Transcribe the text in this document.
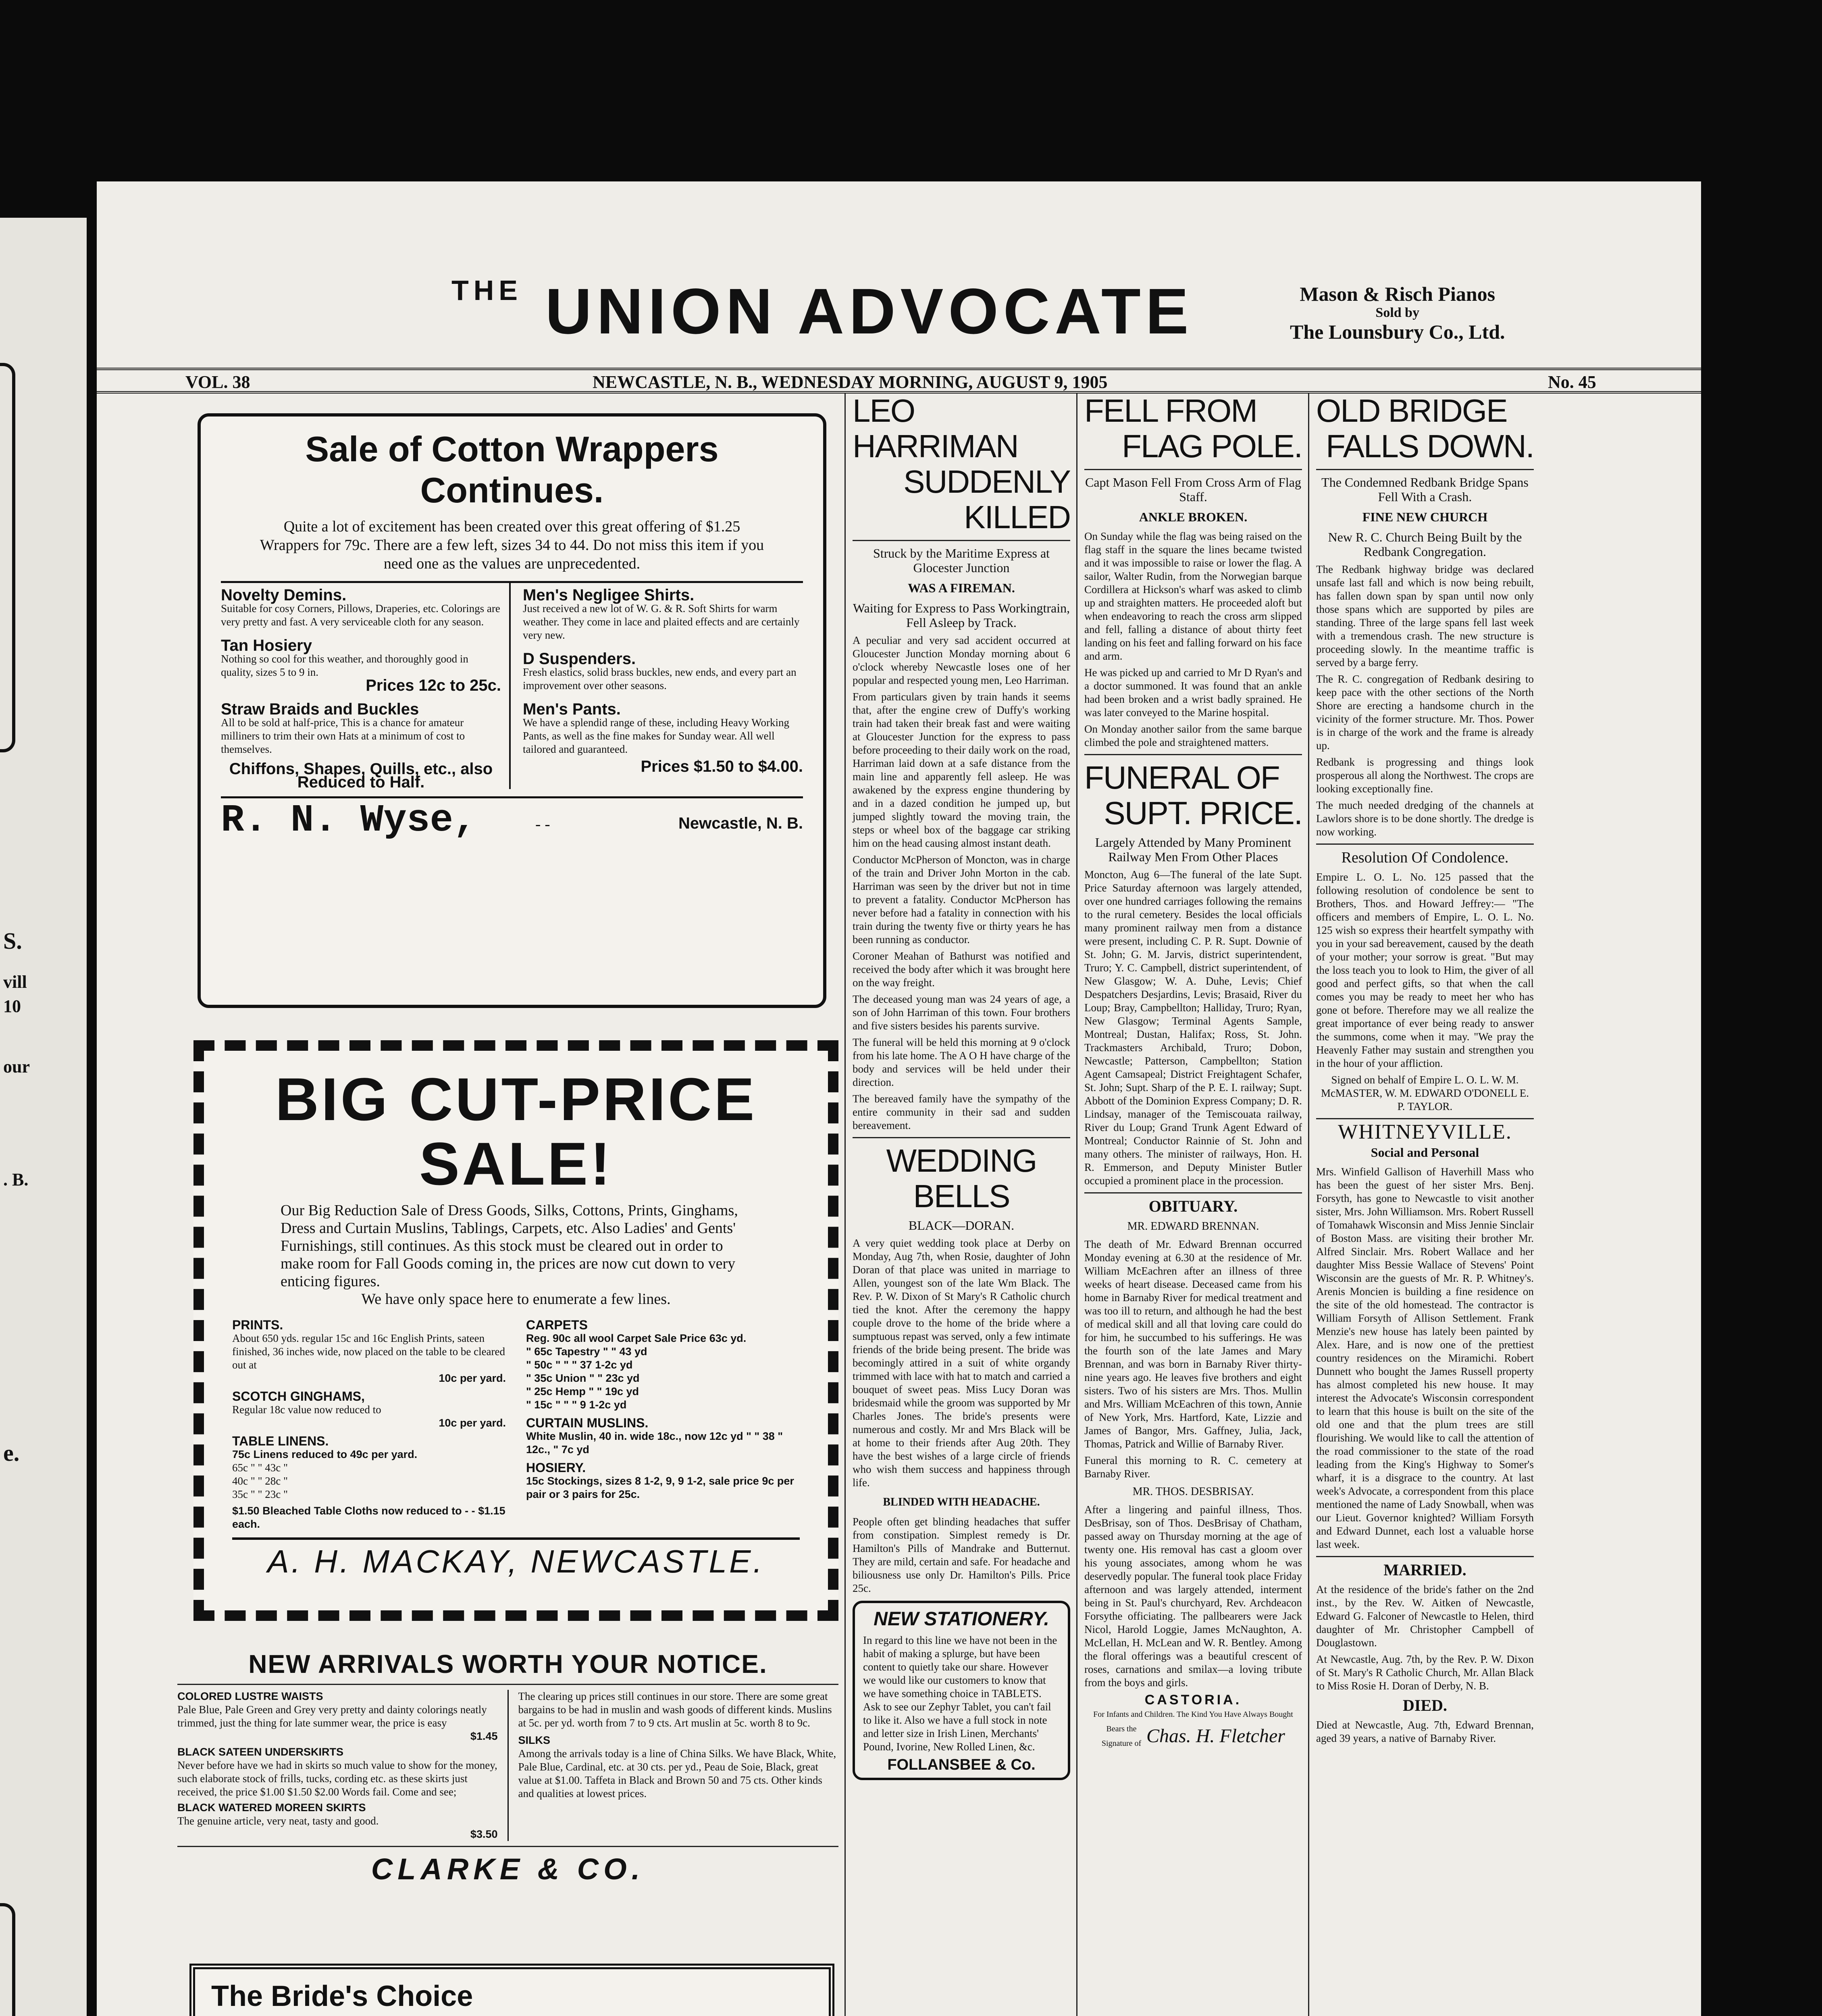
S.
vill
10
our
. B.
e.
$^{THE}$ UNION ADVOCATE	Mason & Risch Pianos
Sold by
The Lounsbury Co., Ltd.
VOL. 38	NEWCASTLE, N. B., WEDNESDAY MORNING, AUGUST 9, 1905	No. 45
Sale of Cotton Wrappers Continues.
Quite a lot of excitement has been created over this great offering of $1.25 Wrappers for 79c. There are a few left, sizes 34 to 44. Do not miss this item if you need one as the values are unprecedented.
Novelty Demins.
Suitable for cosy Corners, Pillows, Draperies, etc. Colorings are very pretty and fast. A very serviceable cloth for any season.
Tan Hosiery
Nothing so cool for this weather, and thoroughly good in quality, sizes 5 to 9 in.
Prices 12c to 25c.
Straw Braids and Buckles
All to be sold at half-price, This is a chance for amateur milliners to trim their own Hats at a minimum of cost to themselves.
Chiffons, Shapes, Quills, etc., also Reduced to Half.
Men's Negligee Shirts.
Just received a new lot of W. G. & R. Soft Shirts for warm weather. They come in lace and plaited effects and are certainly very new.
D Suspenders.
Fresh elastics, solid brass buckles, new ends, and every part an improvement over other seasons.
Men's Pants.
We have a splendid range of these, including Heavy Working Pants, as well as the fine makes for Sunday wear. All well tailored and guaranteed.
Prices $1.50 to $4.00.
R. N. Wyse,	- -	Newcastle, N. B.
BIG CUT-PRICE SALE!
Our Big Reduction Sale of Dress Goods, Silks, Cottons, Prints, Ginghams, Dress and Curtain Muslins, Tablings, Carpets, etc. Also Ladies' and Gents' Furnishings, still continues. As this stock must be cleared out in order to make room for Fall Goods coming in, the prices are now cut down to very enticing figures.
We have only space here to enumerate a few lines.
PRINTS.
About 650 yds. regular 15c and 16c English Prints, sateen finished, 36 inches wide, now placed on the table to be cleared out at
10c per yard.
SCOTCH GINGHAMS,
Regular 18c value now reduced to
10c per yard.
TABLE LINENS.
75c Linens reduced to 49c per yard.
65c " " 43c "
40c " " 28c "
35c " " 23c "
$1.50 Bleached Table Cloths now reduced to - - $1.15 each.
CARPETS
Reg. 90c all wool Carpet Sale Price 63c yd.
" 65c Tapestry " " 43 yd
" 50c " " " 37 1-2c yd
" 35c Union " " 23c yd
" 25c Hemp " " 19c yd
" 15c " " " 9 1-2c yd
CURTAIN MUSLINS.
White Muslin, 40 in. wide 18c., now 12c yd " " 38 " 12c., " 7c yd
HOSIERY.
15c Stockings, sizes 8 1-2, 9, 9 1-2, sale price 9c per pair or 3 pairs for 25c.
A. H. MACKAY, NEWCASTLE.
NEW ARRIVALS WORTH YOUR NOTICE.
COLORED LUSTRE WAISTS
Pale Blue, Pale Green and Grey very pretty and dainty colorings neatly trimmed, just the thing for late summer wear, the price is easy
$1.45
BLACK SATEEN UNDERSKIRTS
Never before have we had in skirts so much value to show for the money, such elaborate stock of frills, tucks, cording etc. as these skirts just received, the price $1.00 $1.50 $2.00 Words fail. Come and see;
BLACK WATERED MOREEN SKIRTS
The genuine article, very neat, tasty and good.
$3.50
The clearing up prices still continues in our store. There are some great bargains to be had in muslin and wash goods of different kinds. Muslins at 5c. per yd. worth from 7 to 9 cts. Art muslin at 5c. worth 8 to 9c.
SILKS
Among the arrivals today is a line of China Silks. We have Black, White, Pale Blue, Cardinal, etc. at 30 cts. per yd., Peau de Soie, Black, great value at $1.00. Taffeta in Black and Brown 50 and 75 cts. Other kinds and qualities at lowest prices.
CLARKE & CO.
The Bride's Choice
LEO HARRIMAN
SUDDENLY KILLED
Struck by the Maritime Express at Glocester Junction
WAS A FIREMAN.
Waiting for Express to Pass Workingtrain, Fell Asleep by Track.

A peculiar and very sad accident occurred at Gloucester Junction Monday morning about 6 o'clock whereby Newcastle loses one of her popular and respected young men, Leo Harriman.

From particulars given by train hands it seems that, after the engine crew of Duffy's working train had taken their break fast and were waiting at Gloucester Junction for the express to pass before proceeding to their daily work on the road, Harriman laid down at a safe distance from the main line and apparently fell asleep. He was awakened by the express engine thundering by and in a dazed condition he jumped up, but jumped slightly toward the moving train, the steps or wheel box of the baggage car striking him on the head causing almost instant death.

Conductor McPherson of Moncton, was in charge of the train and Driver John Morton in the cab. Harriman was seen by the driver but not in time to prevent a fatality. Conductor McPherson has never before had a fatality in connection with his train during the twenty five or thirty years he has been running as conductor.

Coroner Meahan of Bathurst was notified and received the body after which it was brought here on the way freight.

The deceased young man was 24 years of age, a son of John Harriman of this town. Four brothers and five sisters besides his parents survive.

The funeral will be held this morning at 9 o'clock from his late home. The A O H have charge of the body and services will be held under their direction.

The bereaved family have the sympathy of the entire community in their sad and sudden bereavement.

WEDDING BELLS
BLACK—DORAN.

A very quiet wedding took place at Derby on Monday, Aug 7th, when Rosie, daughter of John Doran of that place was united in marriage to Allen, youngest son of the late Wm Black. The Rev. P. W. Dixon of St Mary's R Catholic church tied the knot. After the ceremony the happy couple drove to the home of the bride where a sumptuous repast was served, only a few intimate friends of the bride being present. The bride was becomingly attired in a suit of white organdy trimmed with lace with hat to match and carried a bouquet of sweet peas. Miss Lucy Doran was bridesmaid while the groom was supported by Mr Charles Jones. The bride's presents were numerous and costly. Mr and Mrs Black will be at home to their friends after Aug 20th. They have the best wishes of a large circle of friends who wish them success and happiness through life.

BLINDED WITH HEADACHE.

People often get blinding headaches that suffer from constipation. Simplest remedy is Dr. Hamilton's Pills of Mandrake and Butternut. They are mild, certain and safe. For headache and biliousness use only Dr. Hamilton's Pills. Price 25c.

NEW STATIONERY.
In regard to this line we have not been in the habit of making a splurge, but have been content to quietly take our share. However we would like our customers to know that we have something choice in TABLETS. Ask to see our Zephyr Tablet, you can't fail to like it. Also we have a full stock in note and letter size in Irish Linen, Merchants' Pound, Ivorine, New Rolled Linen, &c.
FOLLANSBEE & Co.
FELL FROM
FLAG POLE.
Capt Mason Fell From Cross Arm of Flag Staff.
ANKLE BROKEN.

On Sunday while the flag was being raised on the flag staff in the square the lines became twisted and it was impossible to raise or lower the flag. A sailor, Walter Rudin, from the Norwegian barque Cordillera at Hickson's wharf was asked to climb up and straighten matters. He proceeded aloft but when endeavoring to reach the cross arm slipped and fell, falling a distance of about thirty feet landing on his feet and falling forward on his face and arm.

He was picked up and carried to Mr D Ryan's and a doctor summoned. It was found that an ankle had been broken and a wrist badly sprained. He was later conveyed to the Marine hospital.

On Monday another sailor from the same barque climbed the pole and straightened matters.

FUNERAL OF
SUPT. PRICE.
Largely Attended by Many Prominent Railway Men From Other Places

Moncton, Aug 6—The funeral of the late Supt. Price Saturday afternoon was largely attended, over one hundred carriages following the remains to the rural cemetery. Besides the local officials many prominent railway men from a distance were present, including C. P. R. Supt. Downie of St. John; G. M. Jarvis, district superintendent, Truro; Y. C. Campbell, district superintendent, of New Glasgow; W. A. Duhe, Levis; Chief Despatchers Desjardins, Levis; Brasaid, River du Loup; Bray, Campbellton; Halliday, Truro; Ryan, New Glasgow; Terminal Agents Sample, Montreal; Dustan, Halifax; Ross, St. John. Trackmasters Archibald, Truro; Dobon, Newcastle; Patterson, Campbellton; Station Agent Camsapeal; District Freightagent Schafer, St. John; Supt. Sharp of the P. E. I. railway; Supt. Abbott of the Dominion Express Company; D. R. Lindsay, manager of the Temiscouata railway, River du Loup; Grand Trunk Agent Edward of Montreal; Conductor Rainnie of St. John and many others. The minister of railways, Hon. H. R. Emmerson, and Deputy Minister Butler occupied a prominent place in the procession.

OBITUARY.
MR. EDWARD BRENNAN.

The death of Mr. Edward Brennan occurred Monday evening at 6.30 at the residence of Mr. William McEachren after an illness of three weeks of heart disease. Deceased came from his home in Barnaby River for medical treatment and was too ill to return, and although he had the best of medical skill and all that loving care could do for him, he succumbed to his sufferings. He was the fourth son of the late James and Mary Brennan, and was born in Barnaby River thirty-nine years ago. He leaves five brothers and eight sisters. Two of his sisters are Mrs. Thos. Mullin and Mrs. William McEachren of this town, Annie of New York, Mrs. Hartford, Kate, Lizzie and James of Bangor, Mrs. Gaffney, Julia, Jack, Thomas, Patrick and Willie of Barnaby River.

Funeral this morning to R. C. cemetery at Barnaby River.

MR. THOS. DESBRISAY.

After a lingering and painful illness, Thos. DesBrisay, son of Thos. DesBrisay of Chatham, passed away on Thursday morning at the age of twenty one. His removal has cast a gloom over his young associates, among whom he was deservedly popular. The funeral took place Friday afternoon and was largely attended, interment being in St. Paul's churchyard, Rev. Archdeacon Forsythe officiating. The pallbearers were Jack Nicol, Harold Loggie, James McNaughton, A. McLellan, H. McLean and W. R. Bentley. Among the floral offerings was a beautiful crescent of roses, carnations and smilax—a loving tribute from the boys and girls.

CASTORIA.
For Infants and Children. The Kind You Have Always Bought
Bears the Signature of Chas. H. Fletcher
OLD BRIDGE
FALLS DOWN.
The Condemned Redbank Bridge Spans Fell With a Crash.
FINE NEW CHURCH
New R. C. Church Being Built by the Redbank Congregation.

The Redbank highway bridge was declared unsafe last fall and which is now being rebuilt, has fallen down span by span until now only those spans which are supported by piles are standing. Three of the large spans fell last week with a tremendous crash. The new structure is proceeding slowly. In the meantime traffic is served by a barge ferry.

The R. C. congregation of Redbank desiring to keep pace with the other sections of the North Shore are erecting a handsome church in the vicinity of the former structure. Mr. Thos. Power is in charge of the work and the frame is already up.

Redbank is progressing and things look prosperous all along the Northwest. The crops are looking exceptionally fine.

The much needed dredging of the channels at Lawlors shore is to be done shortly. The dredge is now working.

Resolution Of Condolence.

Empire L. O. L. No. 125 passed that the following resolution of condolence be sent to Brothers, Thos. and Howard Jeffrey:— "The officers and members of Empire, L. O. L. No. 125 wish so express their heartfelt sympathy with you in your sad bereavement, caused by the death of your mother; your sorrow is great. "But may the loss teach you to look to Him, the giver of all good and perfect gifts, so that when the call comes you may be ready to meet her who has gone ot before. Therefore may we all realize the great importance of ever being ready to answer the summons, come when it may. "We pray the Heavenly Father may sustain and strengthen you in the hour of your affliction.

Signed on behalf of Empire L. O. L. W. M. McMASTER, W. M. EDWARD O'DONELL E. P. TAYLOR.

WHITNEYVILLE.
Social and Personal

Mrs. Winfield Gallison of Haverhill Mass who has been the guest of her sister Mrs. Benj. Forsyth, has gone to Newcastle to visit another sister, Mrs. John Williamson. Mrs. Robert Russell of Tomahawk Wisconsin and Miss Jennie Sinclair of Boston Mass. are visiting their brother Mr. Alfred Sinclair. Mrs. Robert Wallace and her daughter Miss Bessie Wallace of Stevens' Point Wisconsin are the guests of Mr. R. P. Whitney's. Arenis Moncien is building a fine residence on the site of the old homestead. The contractor is William Forsyth of Allison Settlement. Frank Menzie's new house has lately been painted by Alex. Hare, and is now one of the prettiest country residences on the Miramichi. Robert Dunnett who bought the James Russell property has almost completed his new house. It may interest the Advocate's Wisconsin correspondent to learn that this house is built on the site of the old one and that the plum trees are still flourishing. We would like to call the attention of the road commissioner to the state of the road leading from the King's Highway to Somer's wharf, it is a disgrace to the country. At last week's Advocate, a correspondent from this place mentioned the name of Lady Snowball, when was our Lieut. Governor knighted? William Forsyth and Edward Dunnet, each lost a valuable horse last week.

MARRIED.

At the residence of the bride's father on the 2nd inst., by the Rev. W. Aitken of Newcastle, Edward G. Falconer of Newcastle to Helen, third daughter of Mr. Christopher Campbell of Douglastown.

At Newcastle, Aug. 7th, by the Rev. P. W. Dixon of St. Mary's R Catholic Church, Mr. Allan Black to Miss Rosie H. Doran of Derby, N. B.

DIED.

Died at Newcastle, Aug. 7th, Edward Brennan, aged 39 years, a native of Barnaby River.
